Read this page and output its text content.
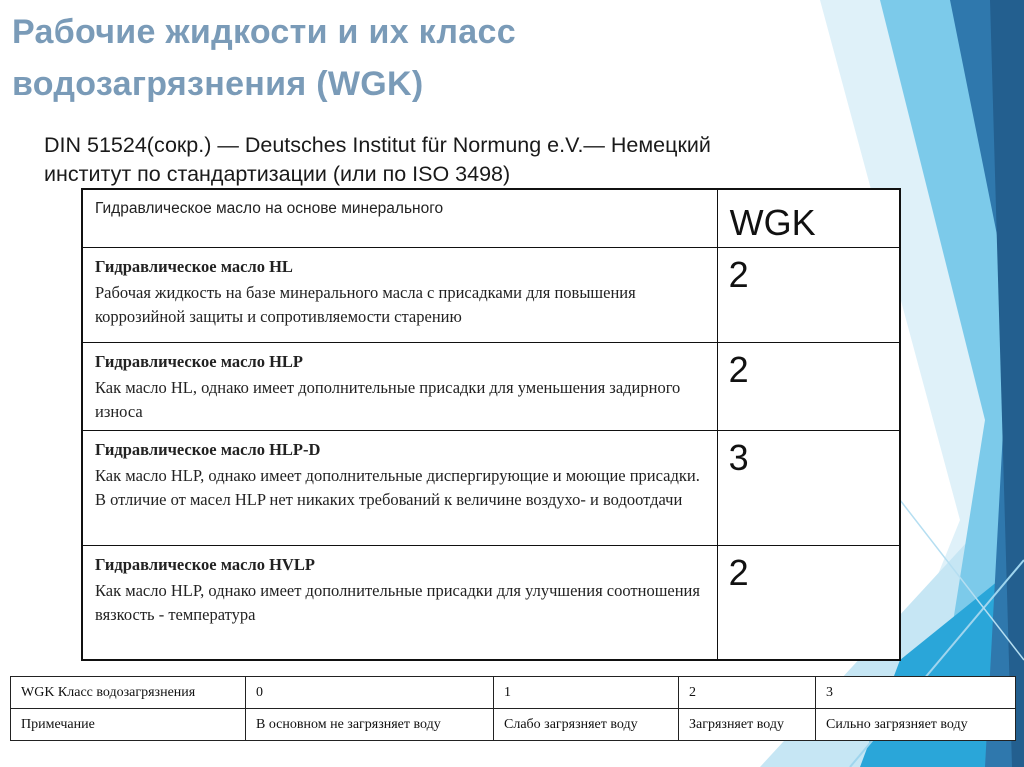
Рабочие жидкости и их класс
водозагрязнения (WGK)

DIN 51524(сокр.) — Deutsches Institut für Normung e.V.— Немецкий
институт по стандартизации (или по ISO 3498)

Гидравлическое масло на основе минерального	WGK

Гидравлическое масло HL
Рабочая жидкость на базе минерального масла с присадками для повышения коррозийной защиты и сопротивляемости старению	2

Гидравлическое масло HLP
Как масло HL, однако имеет дополнительные присадки для уменьшения задирного износа	2

Гидравлическое масло HLP-D
Как масло HLP, однако имеет дополнительные диспергирующие и моющие присадки. В отличие от масел HLP нет никаких требований к величине воздухо- и водоотдачи	3

Гидравлическое масло HVLP
Как масло HLP, однако имеет дополнительные присадки для улучшения соотношения вязкость - температура	2
WGK Класс водозагрязнения	0	1	2	3
Примечание	В основном не загрязняет воду	Слабо загрязняет воду	Загрязняет воду	Сильно загрязняет воду
